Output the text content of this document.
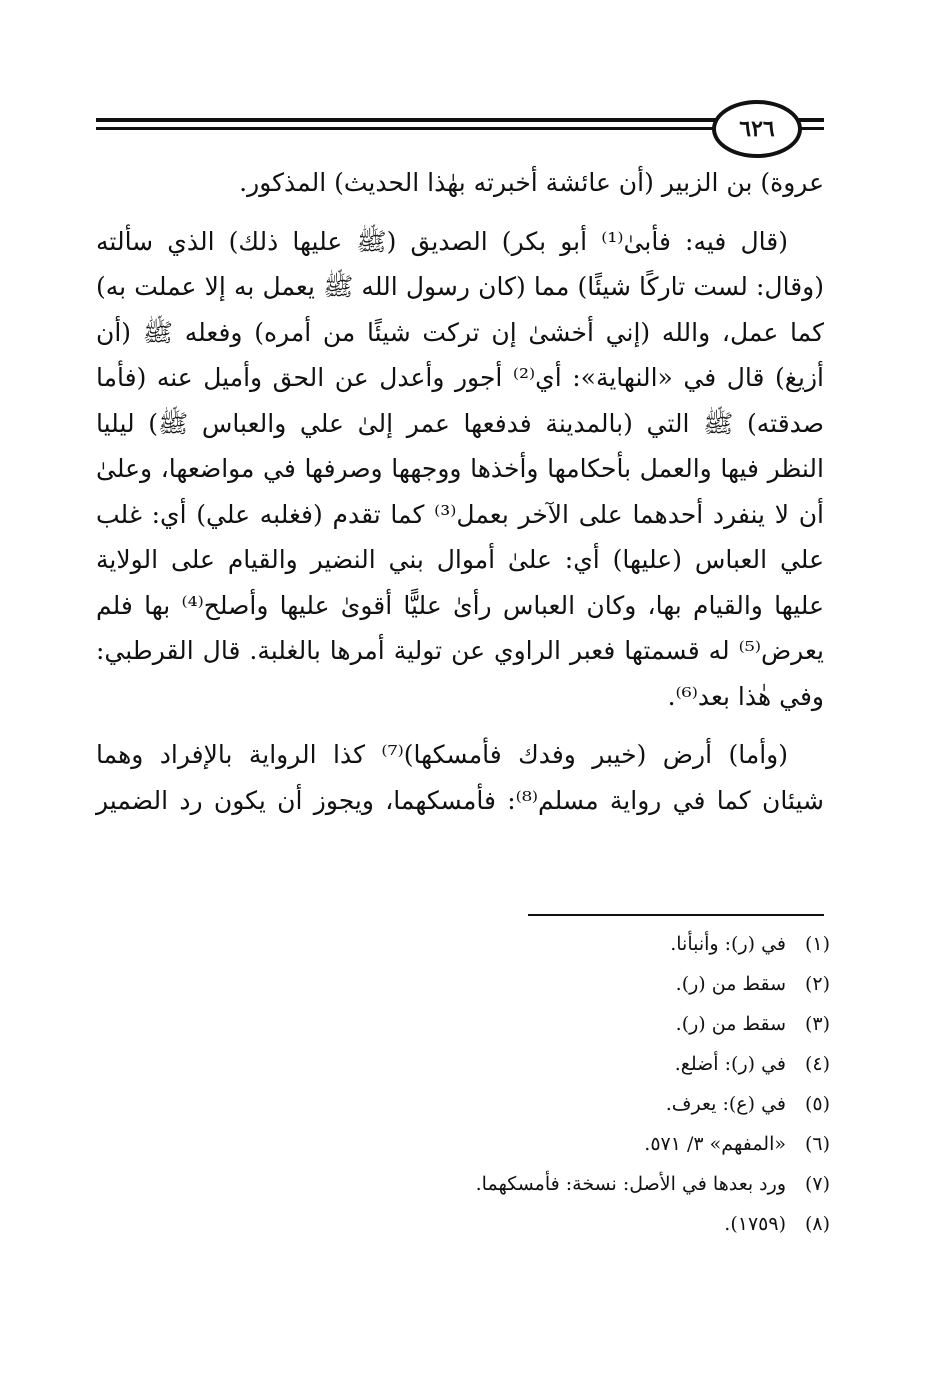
٦٢٦

عروة) بن الزبير (أن عائشة أخبرته بهٰذا الحديث) المذكور.

(قال فيه: فأبىٰ⁽¹⁾ أبو بكر) الصديق (ﷺ عليها ذلك) الذي سألته (وقال: لست تاركًا شيئًا) مما (كان رسول الله ﷺ يعمل به إلا عملت به) كما عمل، والله (إني أخشىٰ إن تركت شيئًا من أمره) وفعله ﷺ (أن أزيغ) قال في «النهاية»: أي⁽²⁾ أجور وأعدل عن الحق وأميل عنه (فأما صدقته) ﷺ التي (بالمدينة فدفعها عمر إلىٰ علي والعباس ﷺ) ليليا النظر فيها والعمل بأحكامها وأخذها ووجهها وصرفها في مواضعها، وعلىٰ أن لا ينفرد أحدهما على الآخر بعمل⁽³⁾ كما تقدم (فغلبه علي) أي: غلب علي العباس (عليها) أي: علىٰ أموال بني النضير والقيام على الولاية عليها والقيام بها، وكان العباس رأىٰ عليًّا أقوىٰ عليها وأصلح⁽⁴⁾ بها فلم يعرض⁽⁵⁾ له قسمتها فعبر الراوي عن تولية أمرها بالغلبة. قال القرطبي: وفي هٰذا بعد⁽⁶⁾.

(وأما) أرض (خيبر وفدك فأمسكها)⁽⁷⁾ كذا الرواية بالإفراد وهما شيئان كما في رواية مسلم⁽⁸⁾: فأمسكهما، ويجوز أن يكون رد الضمير

(١)
في (ر): وأنبأنا.
(٢)
سقط من (ر).
(٣)
سقط من (ر).
(٤)
في (ر): أضلع.
(٥)
في (ع): يعرف.
(٦)
«المفهم» ٣/ ٥٧١.
(٧)
ورد بعدها في الأصل: نسخة: فأمسكهما.
(٨)
(١٧٥٩).
